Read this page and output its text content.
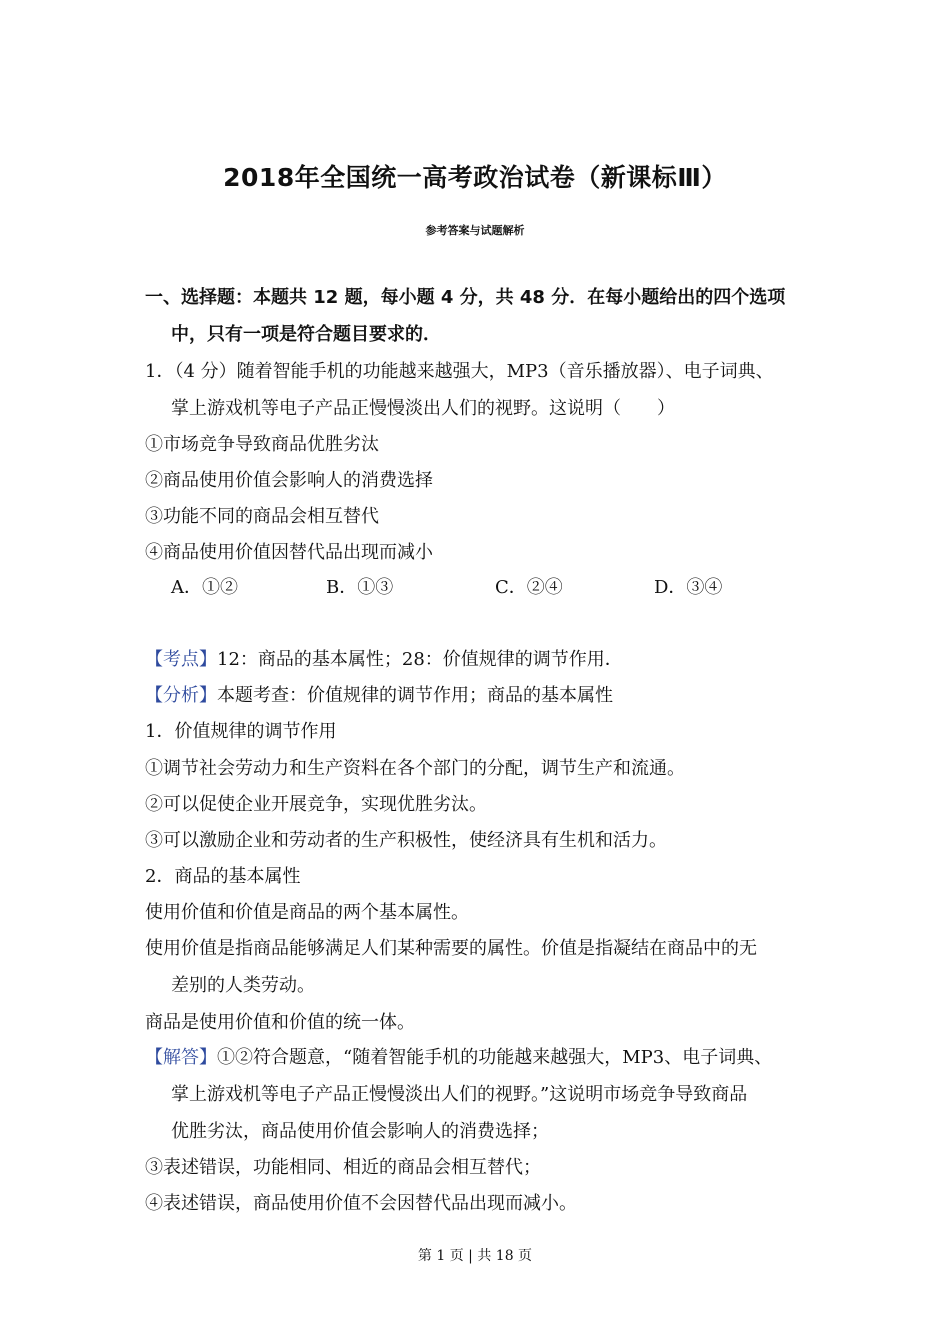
2018年全国统一高考政治试卷（新课标Ⅲ）
参考答案与试题解析
一、选择题：本题共 12 题，每小题 4 分，共 48 分．在每小题给出的四个选项
中，只有一项是符合题目要求的．
1．（4 分）随着智能手机的功能越来越强大，MP3（音乐播放器）、电子词典、
掌上游戏机等电子产品正慢慢淡出人们的视野。这说明（　　）
①市场竞争导致商品优胜劣汰
②商品使用价值会影响人的消费选择
③功能不同的商品会相互替代
④商品使用价值因替代品出现而减小
A．①②	B．①③	C．②④	D．③④
【考点】12：商品的基本属性；28：价值规律的调节作用．
【分析】本题考查：价值规律的调节作用；商品的基本属性
1．价值规律的调节作用
①调节社会劳动力和生产资料在各个部门的分配，调节生产和流通。
②可以促使企业开展竞争，实现优胜劣汰。
③可以激励企业和劳动者的生产积极性，使经济具有生机和活力。
2．商品的基本属性
使用价值和价值是商品的两个基本属性。
使用价值是指商品能够满足人们某种需要的属性。价值是指凝结在商品中的无
差别的人类劳动。
商品是使用价值和价值的统一体。
【解答】①②符合题意，“随着智能手机的功能越来越强大，MP3、电子词典、
掌上游戏机等电子产品正慢慢淡出人们的视野。”这说明市场竞争导致商品
优胜劣汰，商品使用价值会影响人的消费选择；
③表述错误，功能相同、相近的商品会相互替代；
④表述错误，商品使用价值不会因替代品出现而减小。
第 1 页 | 共 18 页
